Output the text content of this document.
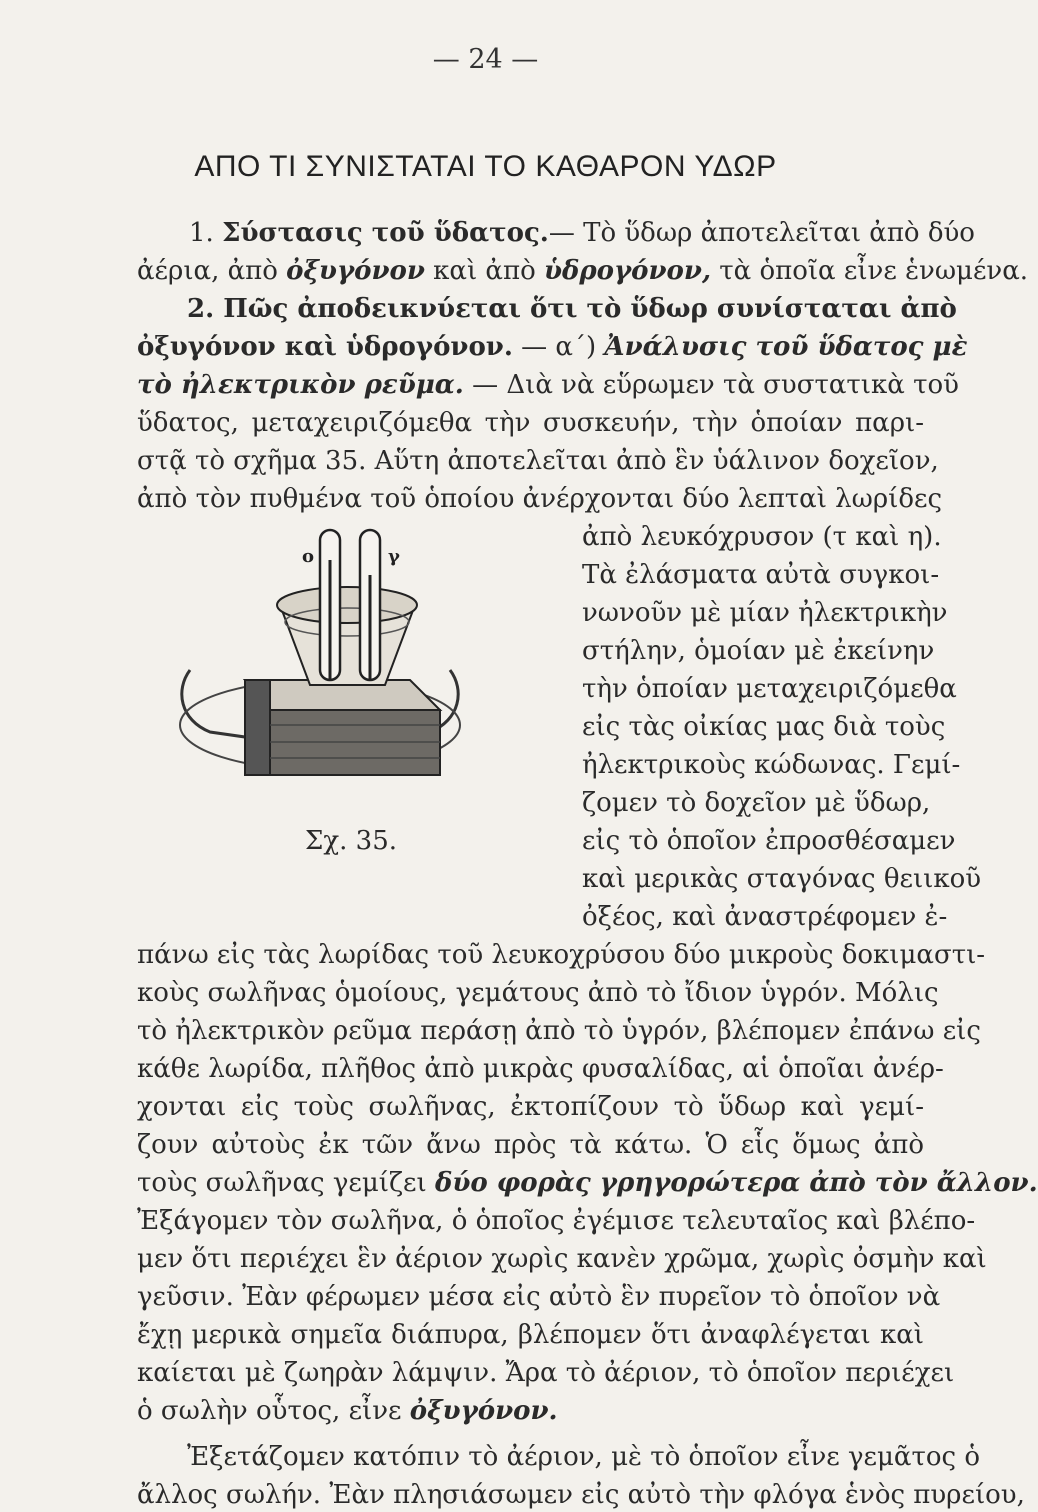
— 24 —
ΑΠΟ ΤΙ ΣΥΝΙΣΤΑΤΑΙ ΤΟ ΚΑΘΑΡΟΝ ΥΔΩΡ
1. Σύστασις τοῦ ὕδατος.— Τὸ ὕδωρ ἀποτελεῖται ἀπὸ δύο
ἀέρια, ἀπὸ ὀξυγόνον καὶ ἀπὸ ὑδρογόνον, τὰ ὁποῖα εἶνε ἑνωμένα.
2. Πῶς ἀποδεικνύεται ὅτι τὸ ὕδωρ συνίσταται ἀπὸ
ὀξυγόνον καὶ ὑδρογόνον. — α΄) Ἀνάλυσις τοῦ ὕδατος μὲ
τὸ ἠλεκτρικὸν ρεῦμα. — Διὰ νὰ εὕρωμεν τὰ συστατικὰ τοῦ
ὕδατος, μεταχειριζόμεθα τὴν συσκευήν, τὴν ὁποίαν παρι-
στᾷ τὸ σχῆμα 35. Αὕτη ἀποτελεῖται ἀπὸ ἓν ὑάλινον δοχεῖον,
ἀπὸ τὸν πυθμένα τοῦ ὁποίου ἀνέρχονται δύο λεπταὶ λωρίδες
ἀπὸ λευκόχρυσον (τ καὶ η).
Τὰ ἐλάσματα αὐτὰ συγκοι-
νωνοῦν μὲ μίαν ἠλεκτρικὴν
στήλην, ὁμοίαν μὲ ἐκείνην
τὴν ὁποίαν μεταχειριζόμεθα
εἰς τὰς οἰκίας μας διὰ τοὺς
ἠλεκτρικοὺς κώδωνας. Γεμί-
ζομεν τὸ δοχεῖον μὲ ὕδωρ,
εἰς τὸ ὁποῖον ἐπροσθέσαμεν
καὶ μερικὰς σταγόνας θειικοῦ
ὀξέος, καὶ ἀναστρέφομεν ἐ-
ο	γ
Σχ. 35.
πάνω εἰς τὰς λωρίδας τοῦ λευκοχρύσου δύο μικροὺς δοκιμαστι-
κοὺς σωλῆνας ὁμοίους, γεμάτους ἀπὸ τὸ ἴδιον ὑγρόν. Μόλις
τὸ ἠλεκτρικὸν ρεῦμα περάσῃ ἀπὸ τὸ ὑγρόν, βλέπομεν ἐπάνω εἰς
κάθε λωρίδα, πλῆθος ἀπὸ μικρὰς φυσαλίδας, αἱ ὁποῖαι ἀνέρ-
χονται εἰς τοὺς σωλῆνας, ἐκτοπίζουν τὸ ὕδωρ καὶ γεμί-
ζουν αὐτοὺς ἐκ τῶν ἄνω πρὸς τὰ κάτω. Ὁ εἷς ὅμως ἀπὸ
τοὺς σωλῆνας γεμίζει δύο φορὰς γρηγορώτερα ἀπὸ τὸν ἄλλον.
Ἐξάγομεν τὸν σωλῆνα, ὁ ὁποῖος ἐγέμισε τελευταῖος καὶ βλέπο-
μεν ὅτι περιέχει ἓν ἀέριον χωρὶς κανὲν χρῶμα, χωρὶς ὀσμὴν καὶ
γεῦσιν. Ἐὰν φέρωμεν μέσα εἰς αὐτὸ ἓν πυρεῖον τὸ ὁποῖον νὰ
ἔχῃ μερικὰ σημεῖα διάπυρα, βλέπομεν ὅτι ἀναφλέγεται καὶ
καίεται μὲ ζωηρὰν λάμψιν. Ἄρα τὸ ἀέριον, τὸ ὁποῖον περιέχει
ὁ σωλὴν οὗτος, εἶνε ὀξυγόνον.
Ἐξετάζομεν κατόπιν τὸ ἀέριον, μὲ τὸ ὁποῖον εἶνε γεμᾶτος ὁ
ἄλλος σωλήν. Ἐὰν πλησιάσωμεν εἰς αὐτὸ τὴν φλόγα ἑνὸς πυρείου,
